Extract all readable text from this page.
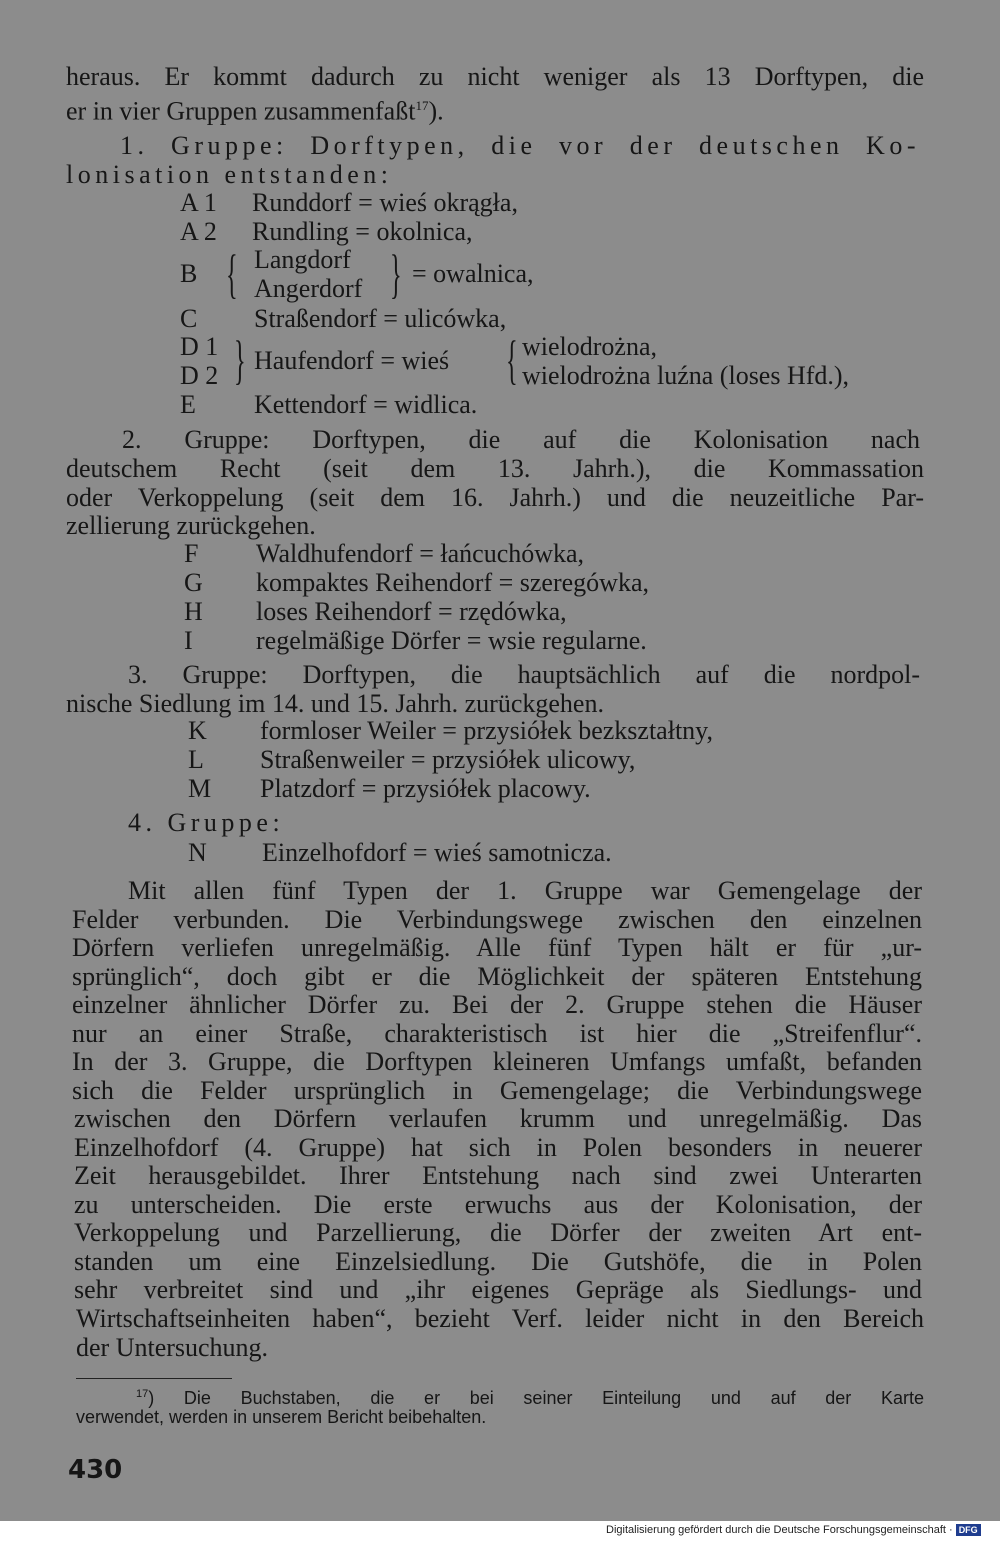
heraus. Er kommt dadurch zu nicht weniger als 13 Dorftypen, die
er in vier Gruppen zusammenfaßt$^{17}$).
1. Gruppe: Dorftypen, die vor der deutschen Ko-
lonisation entstanden:
A 1 Runddorf = wieś okrągła,
A 2 Rundling = okolnica,
B { Langdorf
Angerdorf } = owalnica,
C Straßendorf = ulicówka,
D 1
D 2 } Haufendorf = wieś { wielodrożna,
wielodrożna luźna (loses Hfd.),
E Kettendorf = widlica.
2. Gruppe: Dorftypen, die auf die Kolonisation nach
deutschem Recht (seit dem 13. Jahrh.), die Kommassation
oder Verkoppelung (seit dem 16. Jahrh.) und die neuzeitliche Par-
zellierung zurückgehen.
F Waldhufendorf = łańcuchówka,
G kompaktes Reihendorf = szeregówka,
H loses Reihendorf = rzędówka,
I regelmäßige Dörfer = wsie regularne.
3. Gruppe: Dorftypen, die hauptsächlich auf die nordpol-
nische Siedlung im 14. und 15. Jahrh. zurückgehen.
K formloser Weiler = przysiółek bezkształtny,
L Straßenweiler = przysiółek ulicowy,
M Platzdorf = przysiółek placowy.
4. Gruppe:
N Einzelhofdorf = wieś samotnicza.
Mit allen fünf Typen der 1. Gruppe war Gemengelage der
Felder verbunden. Die Verbindungswege zwischen den einzelnen
Dörfern verliefen unregelmäßig. Alle fünf Typen hält er für „ur-
sprünglich“, doch gibt er die Möglichkeit der späteren Entstehung
einzelner ähnlicher Dörfer zu. Bei der 2. Gruppe stehen die Häuser
nur an einer Straße, charakteristisch ist hier die „Streifenflur“.
In der 3. Gruppe, die Dorftypen kleineren Umfangs umfaßt, befanden
sich die Felder ursprünglich in Gemengelage; die Verbindungswege
zwischen den Dörfern verlaufen krumm und unregelmäßig. Das
Einzelhofdorf (4. Gruppe) hat sich in Polen besonders in neuerer
Zeit herausgebildet. Ihrer Entstehung nach sind zwei Unterarten
zu unterscheiden. Die erste erwuchs aus der Kolonisation, der
Verkoppelung und Parzellierung, die Dörfer der zweiten Art ent-
standen um eine Einzelsiedlung. Die Gutshöfe, die in Polen
sehr verbreitet sind und „ihr eigenes Gepräge als Siedlungs- und
Wirtschaftseinheiten haben“, bezieht Verf. leider nicht in den Bereich
der Untersuchung.
$^{17}$) Die Buchstaben, die er bei seiner Einteilung und auf der Karte
verwendet, werden in unserem Bericht beibehalten.
430
Digitalisierung gefördert durch die Deutsche Forschungsgemeinschaft · DFG
